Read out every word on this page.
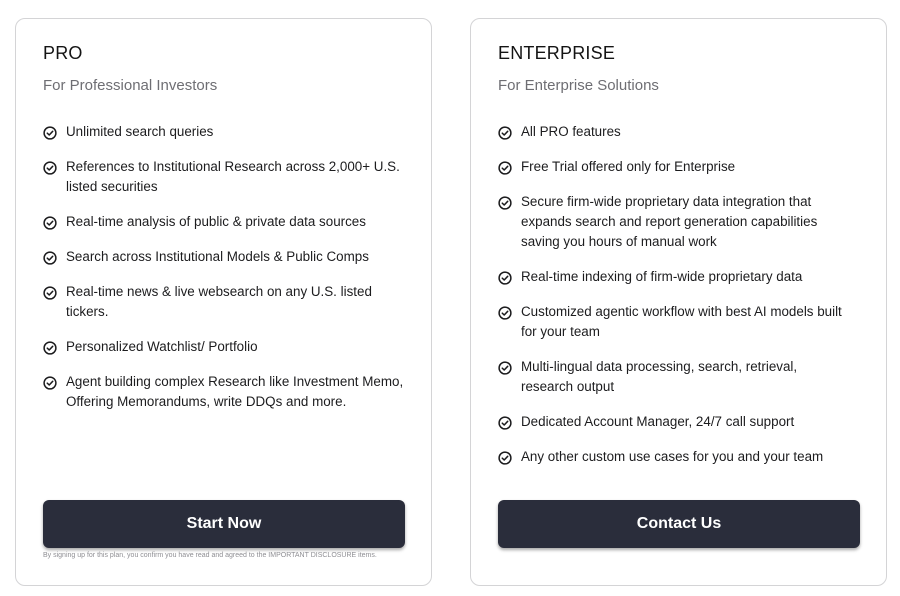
PRO
For Professional Investors
Unlimited search queries
References to Institutional Research across 2,000+ U.S. listed securities
Real-time analysis of public & private data sources
Search across Institutional Models & Public Comps
Real-time news & live websearch on any U.S. listed tickers.
Personalized Watchlist/ Portfolio
Agent building complex Research like Investment Memo, Offering Memorandums, write DDQs and more.
Start Now
By signing up for this plan, you confirm you have read and agreed to the IMPORTANT DISCLOSURE items.
ENTERPRISE
For Enterprise Solutions
All PRO features
Free Trial offered only for Enterprise
Secure firm-wide proprietary data integration that expands search and report generation capabilities saving you hours of manual work
Real-time indexing of firm-wide proprietary data
Customized agentic workflow with best AI models built for your team
Multi-lingual data processing, search, retrieval, research output
Dedicated Account Manager, 24/7 call support
Any other custom use cases for you and your team
Contact Us
